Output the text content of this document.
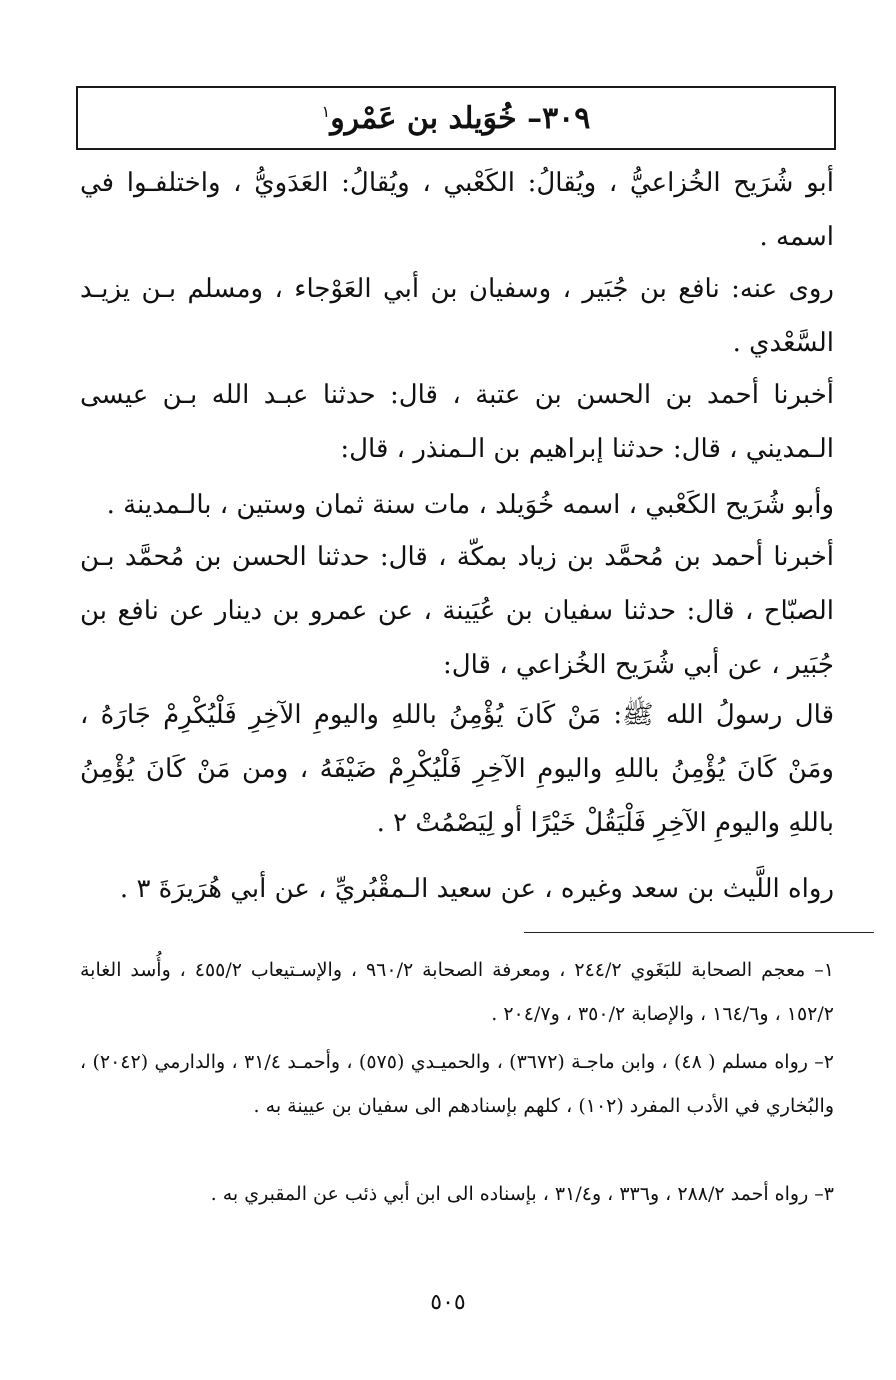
٣٠٩– خُوَيلد بن عَمْرو$^١$

أبو شُرَيح الخُزاعيُّ ، ويُقالُ: الكَعْبي ، ويُقالُ: العَدَويُّ ، واختلفـوا في اسمه .

روى عنه: نافع بن جُبَير ، وسفيان بن أبي العَوْجاء ، ومسلم بـن يزيـد السَّعْدي .

أخبرنا أحمد بن الحسن بن عتبة ، قال: حدثنا عبـد الله بـن عيسى الـمديني ، قال: حدثنا إبراهيم بن الـمنذر ، قال:

وأبو شُرَيح الكَعْبي ، اسمه خُوَيلد ، مات سنة ثمان وستين ، بالـمدينة .

أخبرنا أحمد بن مُحمَّد بن زياد بمكّة ، قال: حدثنا الحسن بن مُحمَّد بـن الصبّاح ، قال: حدثنا سفيان بن عُيَينة ، عن عمرو بن دينار عن نافع بن جُبَير ، عن أبي شُرَيح الخُزاعي ، قال:

قال رسولُ الله ﷺ: مَنْ كَانَ يُؤْمِنُ باللهِ واليومِ الآخِرِ فَلْيُكْرِمْ جَارَهُ ، ومَنْ كَانَ يُؤْمِنُ باللهِ واليومِ الآخِرِ فَلْيُكْرِمْ ضَيْفَهُ ، ومن مَنْ كَانَ يُؤْمِنُ باللهِ واليومِ الآخِرِ فَلْيَقُلْ خَيْرًا أو لِيَصْمُتْ ٢ .

رواه اللَّيث بن سعد وغيره ، عن سعيد الـمقْبُريِّ ، عن أبي هُرَيرَةَ ٣ .

١– معجم الصحابة للبَغَوي ٢٤٤/٢ ، ومعرفة الصحابة ٩٦٠/٢ ، والإسـتيعاب ٤٥٥/٢ ، وأُسد الغابة ١٥٢/٢ ، و١٦٤/٦ ، والإصابة ٣٥٠/٢ ، و٢٠٤/٧ .

٢– رواه مسلم ( ٤٨) ، وابن ماجـة (٣٦٧٢) ، والحميـدي (٥٧٥) ، وأحمـد ٣١/٤ ، والدارمي (٢٠٤٢) ، والبُخاري في الأدب المفرد (١٠٢) ، كلهم بإسنادهم الى سفيان بن عيينة به .

٣– رواه أحمد ٢٨٨/٢ ، و٣٣٦ ، و٣١/٤ ، بإسناده الى ابن أبي ذئب عن المقبري به .

٥٠٥
